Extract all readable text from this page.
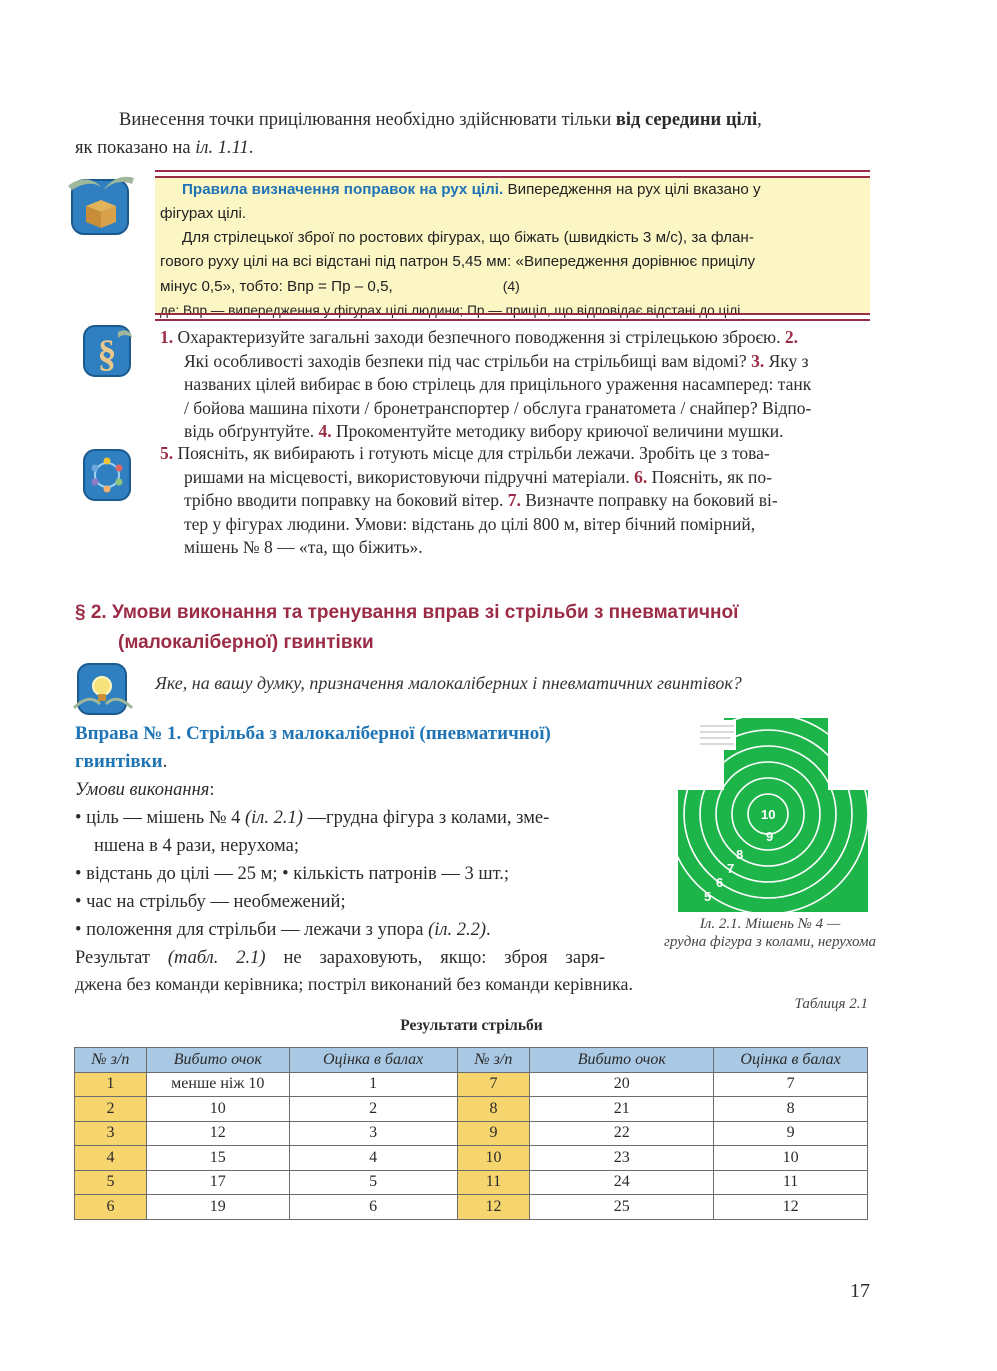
Винесення точки прицілювання необхідно здійснювати тільки від середини цілі,
як показано на іл. 1.11.
Правила визначення поправок на рух цілі. Випередження на рух цілі вказано у
фігурах цілі.
Для стрілецької зброї по ростових фігурах, що біжать (швидкість 3 м/с), за флан-
гового руху цілі на всі відстані під патрон 5,45 мм: «Випередження дорівнює прицілу
мінус 0,5», тобто: Впр = Пр – 0,5,	(4)
де: Впр — випередження у фігурах цілі людини; Пр — приціл, що відповідає відстані до цілі.
§ 1. Охарактеризуйте загальні заходи безпечного поводження зі стрілецькою зброєю. 2.
Які особливості заходів безпеки під час стрільби на стрільбищі вам відомі? 3. Яку з
названих цілей вибирає в бою стрілець для прицільного ураження насамперед: танк
/ бойова машина піхоти / бронетранспортер / обслуга гранатомета / снайпер? Відпо-
відь обґрунтуйте. 4. Прокоментуйте методику вибору криючої величини мушки.
5. Поясніть, як вибирають і готують місце для стрільби лежачи. Зробіть це з това-
ришами на місцевості, використовуючи підручні матеріали. 6. Поясніть, як по-
трібно вводити поправку на боковий вітер. 7. Визначте поправку на боковий ві-
тер у фігурах людини. Умови: відстань до цілі 800 м, вітер бічний помірний,
мішень № 8 — «та, що біжить».
§ 2. Умови виконання та тренування вправ зі стрільби з пневматичної
(малокаліберної) гвинтівки
Яке, на вашу думку, призначення малокаліберних і пневматичних гвинтівок?
Вправа № 1. Стрільба з малокаліберної (пневматичної)
гвинтівки.
Умови виконання:
• ціль — мішень № 4 (іл. 2.1) —грудна фігура з колами, зме-
ншена в 4 рази, нерухома;
• відстань до цілі — 25 м; • кількість патронів — 3 шт.;
• час на стрільбу — необмежений;
• положення для стрільби — лежачи з упора (іл. 2.2).
Результат (табл. 2.1) не зараховують, якщо: зброя заря-
джена без команди керівника; постріл виконаний без команди керівника.
10
9
8
7
6
5
Іл. 2.1. Мішень № 4 —
грудна фігура з колами, нерухома
Таблиця 2.1
Результати стрільби
№ з/п	Вибито очок	Оцінка в балах	№ з/п	Вибито очок	Оцінка в балах
1	менше ніж 10	1	7	20	7
2	10	2	8	21	8
3	12	3	9	22	9
4	15	4	10	23	10
5	17	5	11	24	11
6	19	6	12	25	12
17
